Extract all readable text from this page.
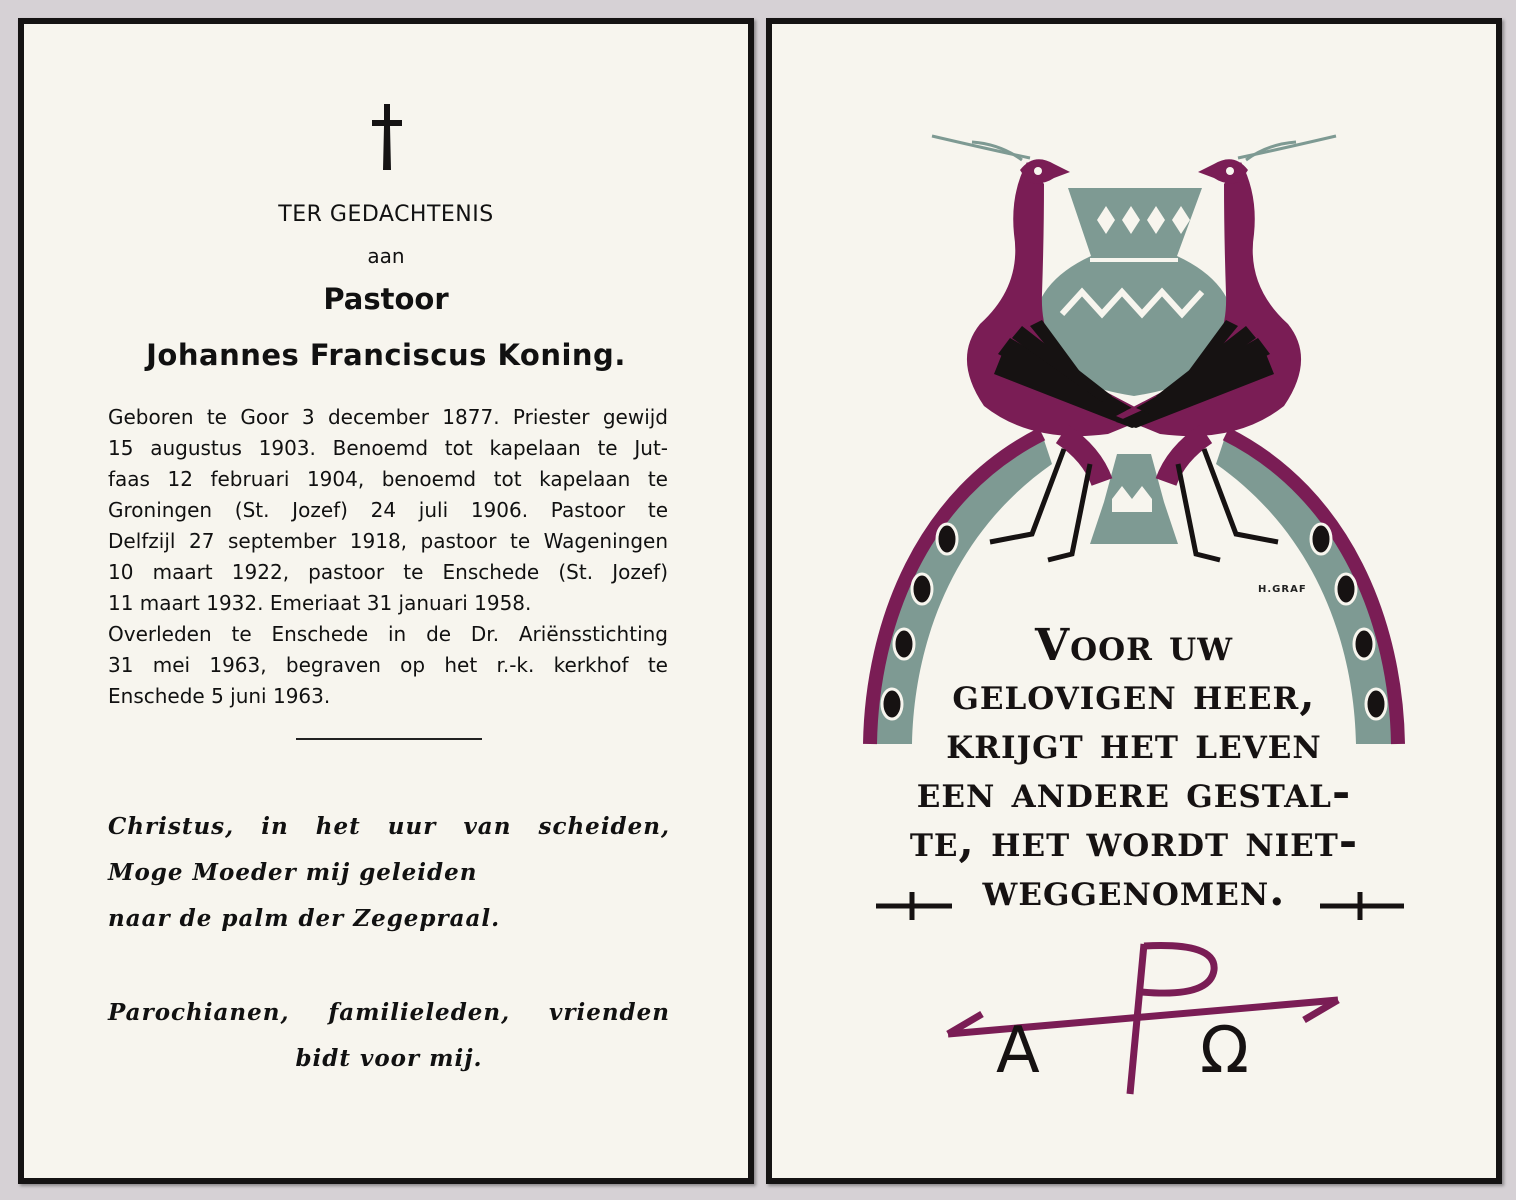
TER GEDACHTENIS
aan
Pastoor
Johannes Franciscus Koning.
Geboren te Goor 3 december 1877. Priester gewijd
15 augustus 1903. Benoemd tot kapelaan te Jut-
faas 12 februari 1904, benoemd tot kapelaan te
Groningen (St. Jozef) 24 juli 1906. Pastoor te
Delfzijl 27 september 1918, pastoor te Wageningen
10 maart 1922, pastoor te Enschede (St. Jozef)
11 maart 1932. Emeriaat 31 januari 1958.
Overleden te Enschede in de Dr. Ariënsstichting
31 mei 1963, begraven op het r.-k. kerkhof te
Enschede 5 juni 1963.
Christus, in het uur van scheiden,
Moge Moeder mij geleiden
naar de palm der Zegepraal.
Parochianen, familieleden, vrienden
bidt voor mij.
H.GRAF
Voor uw
gelovigen heer,
krijgt het leven
een andere gestal-
te, het wordt niet-
weggenomen.
A	Ω
